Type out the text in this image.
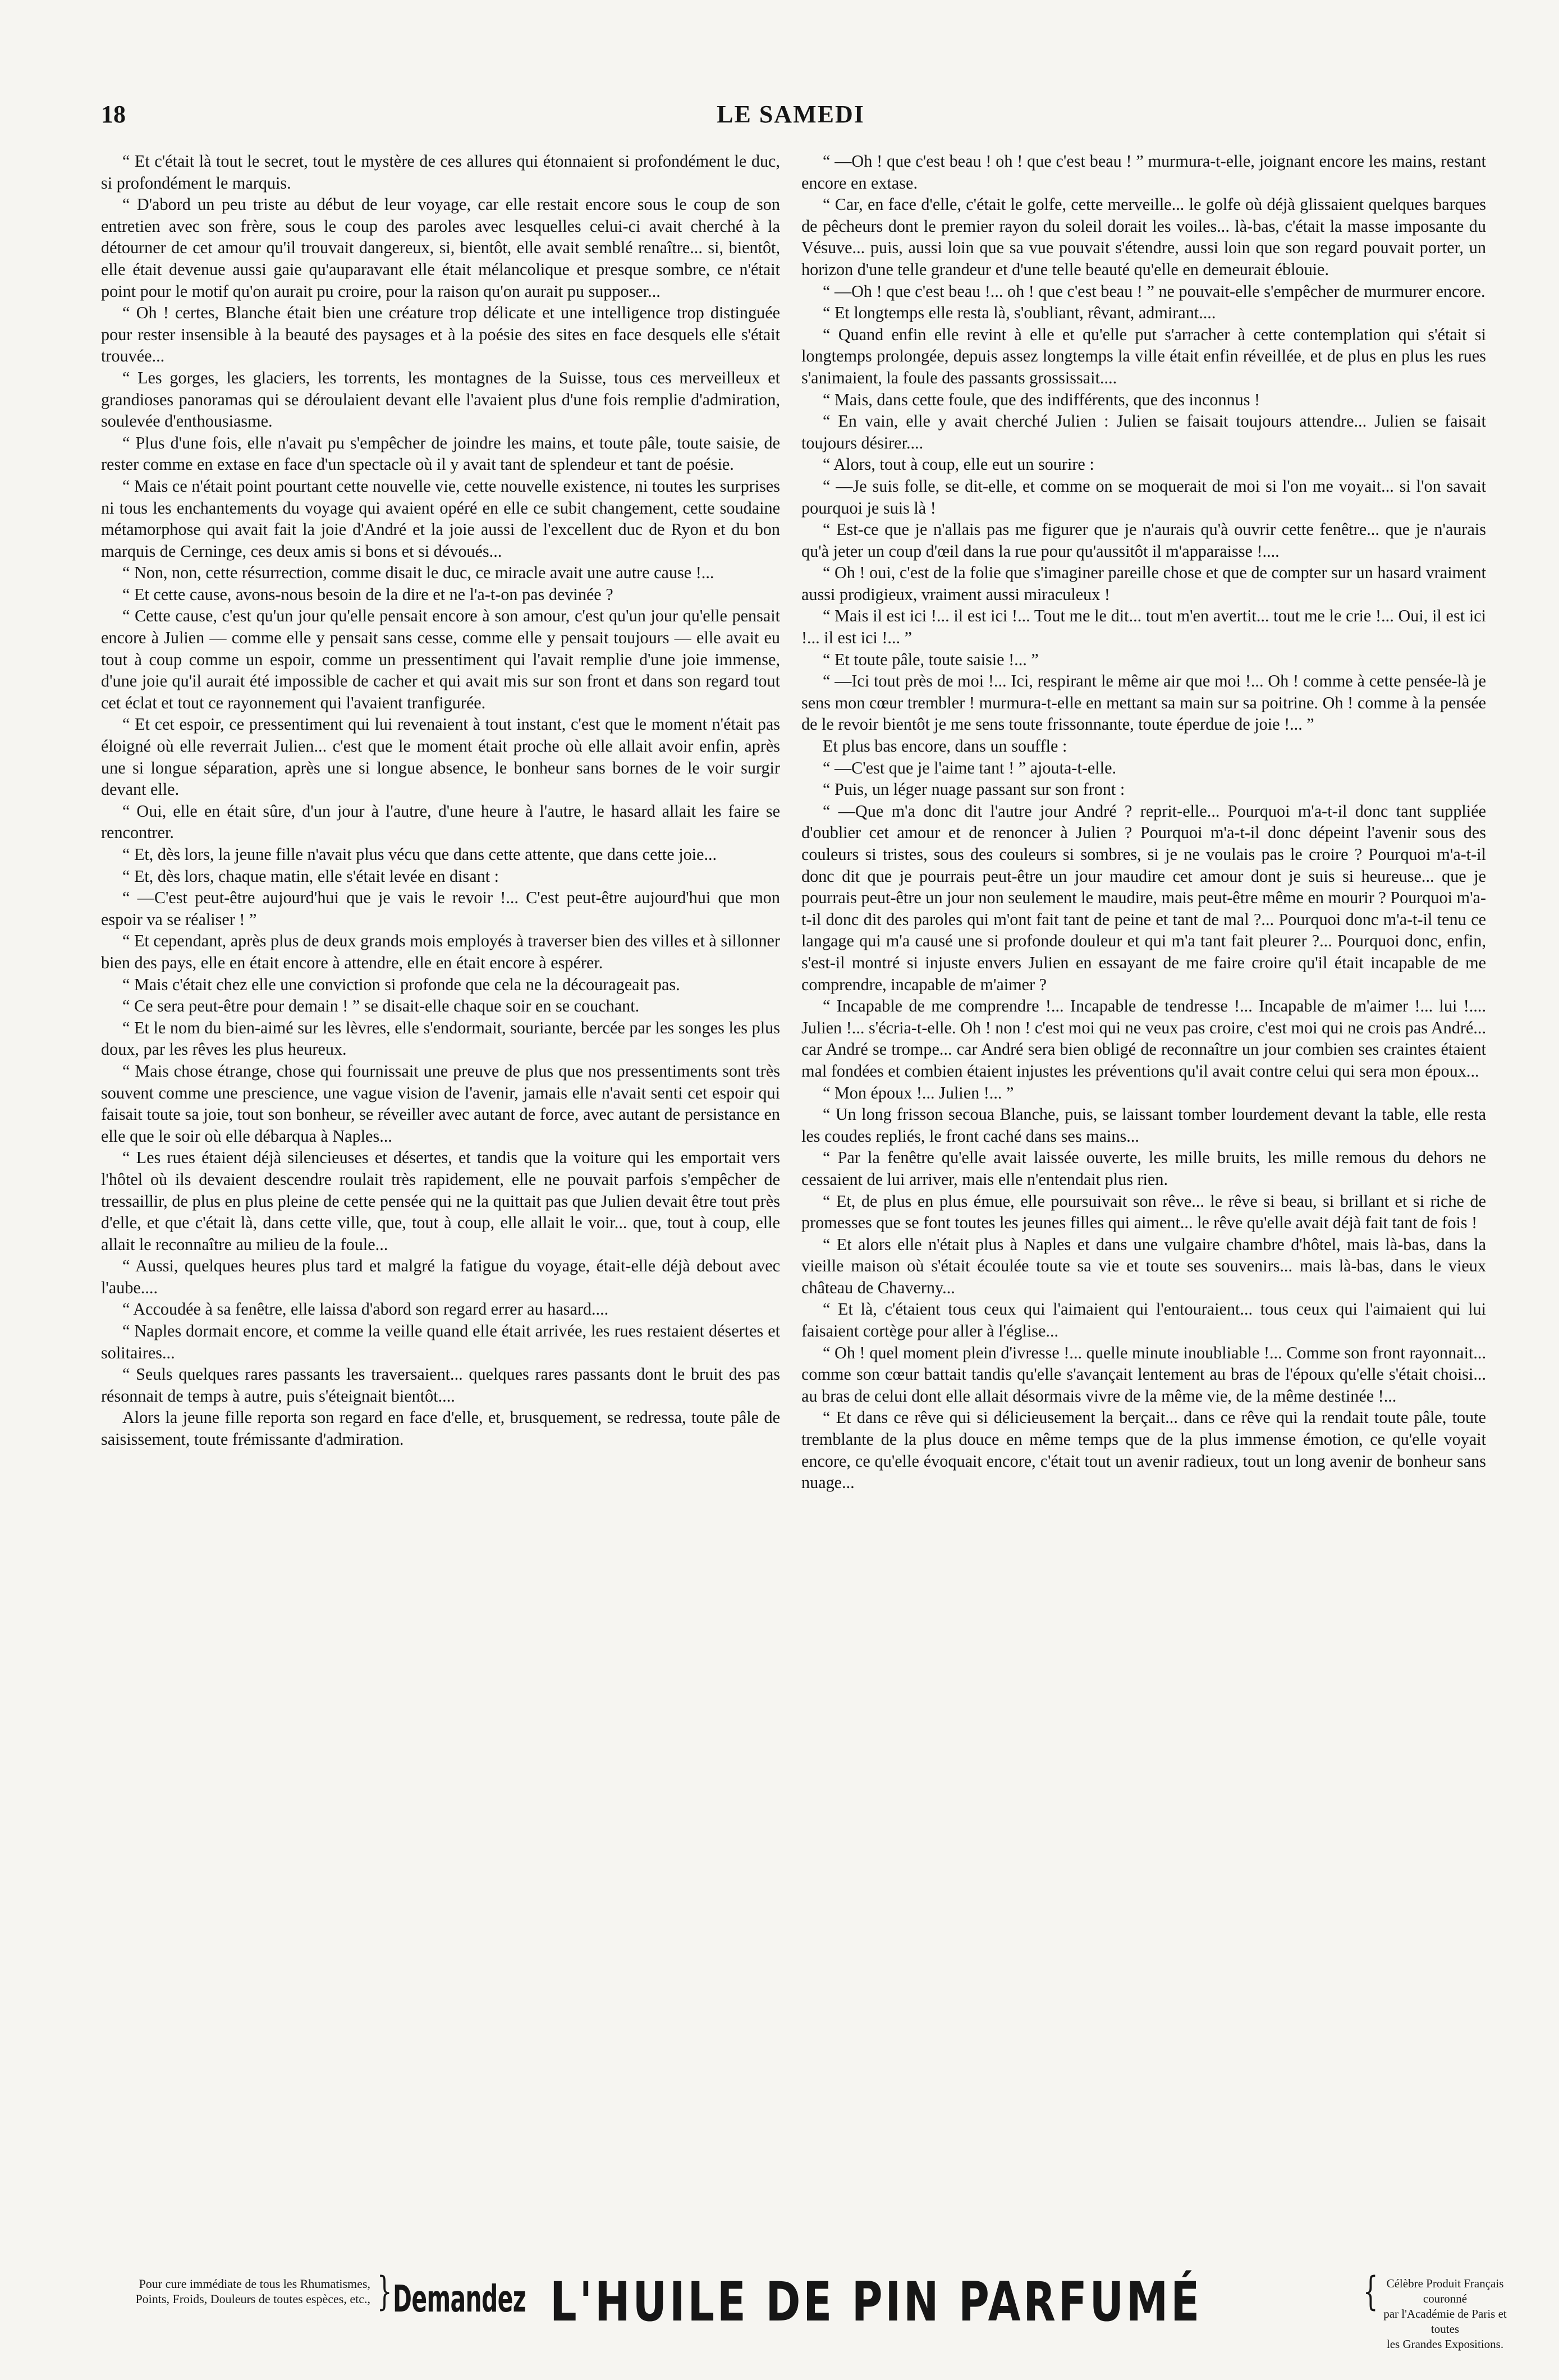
18	LE SAMEDI

“ Et c'était là tout le secret, tout le mystère de ces allures qui étonnaient si profondément le duc, si profondément le marquis.

“ D'abord un peu triste au début de leur voyage, car elle restait encore sous le coup de son entretien avec son frère, sous le coup des paroles avec lesquelles celui-ci avait cherché à la détourner de cet amour qu'il trouvait dangereux, si, bientôt, elle avait semblé renaître... si, bientôt, elle était devenue aussi gaie qu'auparavant elle était mélancolique et presque sombre, ce n'était point pour le motif qu'on aurait pu croire, pour la raison qu'on aurait pu supposer...

“ Oh ! certes, Blanche était bien une créature trop délicate et une intelligence trop distinguée pour rester insensible à la beauté des paysages et à la poésie des sites en face desquels elle s'était trouvée...

“ Les gorges, les glaciers, les torrents, les montagnes de la Suisse, tous ces merveilleux et grandioses panoramas qui se déroulaient devant elle l'avaient plus d'une fois remplie d'admiration, soulevée d'enthousiasme.

“ Plus d'une fois, elle n'avait pu s'empêcher de joindre les mains, et toute pâle, toute saisie, de rester comme en extase en face d'un spectacle où il y avait tant de splendeur et tant de poésie.

“ Mais ce n'était point pourtant cette nouvelle vie, cette nouvelle existence, ni toutes les surprises ni tous les enchantements du voyage qui avaient opéré en elle ce subit changement, cette soudaine métamorphose qui avait fait la joie d'André et la joie aussi de l'excellent duc de Ryon et du bon marquis de Cerninge, ces deux amis si bons et si dévoués...

“ Non, non, cette résurrection, comme disait le duc, ce miracle avait une autre cause !...

“ Et cette cause, avons-nous besoin de la dire et ne l'a-t-on pas devinée ?

“ Cette cause, c'est qu'un jour qu'elle pensait encore à son amour, c'est qu'un jour qu'elle pensait encore à Julien — comme elle y pensait sans cesse, comme elle y pensait toujours — elle avait eu tout à coup comme un espoir, comme un pressentiment qui l'avait remplie d'une joie immense, d'une joie qu'il aurait été impossible de cacher et qui avait mis sur son front et dans son regard tout cet éclat et tout ce rayonnement qui l'avaient tranfigurée.

“ Et cet espoir, ce pressentiment qui lui revenaient à tout instant, c'est que le moment n'était pas éloigné où elle reverrait Julien... c'est que le moment était proche où elle allait avoir enfin, après une si longue séparation, après une si longue absence, le bonheur sans bornes de le voir surgir devant elle.

“ Oui, elle en était sûre, d'un jour à l'autre, d'une heure à l'autre, le hasard allait les faire se rencontrer.

“ Et, dès lors, la jeune fille n'avait plus vécu que dans cette attente, que dans cette joie...

“ Et, dès lors, chaque matin, elle s'était levée en disant :

“ —C'est peut-être aujourd'hui que je vais le revoir !... C'est peut-être aujourd'hui que mon espoir va se réaliser ! ”

“ Et cependant, après plus de deux grands mois employés à traverser bien des villes et à sillonner bien des pays, elle en était encore à attendre, elle en était encore à espérer.

“ Mais c'était chez elle une conviction si profonde que cela ne la décourageait pas.

“ Ce sera peut-être pour demain ! ” se disait-elle chaque soir en se couchant.

“ Et le nom du bien-aimé sur les lèvres, elle s'endormait, souriante, bercée par les songes les plus doux, par les rêves les plus heureux.

“ Mais chose étrange, chose qui fournissait une preuve de plus que nos pressentiments sont très souvent comme une prescience, une vague vision de l'avenir, jamais elle n'avait senti cet espoir qui faisait toute sa joie, tout son bonheur, se réveiller avec autant de force, avec autant de persistance en elle que le soir où elle débarqua à Naples...

“ Les rues étaient déjà silencieuses et désertes, et tandis que la voiture qui les emportait vers l'hôtel où ils devaient descendre roulait très rapidement, elle ne pouvait parfois s'empêcher de tressaillir, de plus en plus pleine de cette pensée qui ne la quittait pas que Julien devait être tout près d'elle, et que c'était là, dans cette ville, que, tout à coup, elle allait le voir... que, tout à coup, elle allait le reconnaître au milieu de la foule...

“ Aussi, quelques heures plus tard et malgré la fatigue du voyage, était-elle déjà debout avec l'aube....

“ Accoudée à sa fenêtre, elle laissa d'abord son regard errer au hasard....

“ Naples dormait encore, et comme la veille quand elle était arrivée, les rues restaient désertes et solitaires...

“ Seuls quelques rares passants les traversaient... quelques rares passants dont le bruit des pas résonnait de temps à autre, puis s'éteignait bientôt....

Alors la jeune fille reporta son regard en face d'elle, et, brusquement, se redressa, toute pâle de saisissement, toute frémissante d'admiration.

“ —Oh ! que c'est beau ! oh ! que c'est beau ! ” murmura-t-elle, joignant encore les mains, restant encore en extase.

“ Car, en face d'elle, c'était le golfe, cette merveille... le golfe où déjà glissaient quelques barques de pêcheurs dont le premier rayon du soleil dorait les voiles... là-bas, c'était la masse imposante du Vésuve... puis, aussi loin que sa vue pouvait s'étendre, aussi loin que son regard pouvait porter, un horizon d'une telle grandeur et d'une telle beauté qu'elle en demeurait éblouie.

“ —Oh ! que c'est beau !... oh ! que c'est beau ! ” ne pouvait-elle s'empêcher de murmurer encore.

“ Et longtemps elle resta là, s'oubliant, rêvant, admirant....

“ Quand enfin elle revint à elle et qu'elle put s'arracher à cette contemplation qui s'était si longtemps prolongée, depuis assez longtemps la ville était enfin réveillée, et de plus en plus les rues s'animaient, la foule des passants grossissait....

“ Mais, dans cette foule, que des indifférents, que des inconnus !

“ En vain, elle y avait cherché Julien : Julien se faisait toujours attendre... Julien se faisait toujours désirer....

“ Alors, tout à coup, elle eut un sourire :

“ —Je suis folle, se dit-elle, et comme on se moquerait de moi si l'on me voyait... si l'on savait pourquoi je suis là !

“ Est-ce que je n'allais pas me figurer que je n'aurais qu'à ouvrir cette fenêtre... que je n'aurais qu'à jeter un coup d'œil dans la rue pour qu'aussitôt il m'apparaisse !....

“ Oh ! oui, c'est de la folie que s'imaginer pareille chose et que de compter sur un hasard vraiment aussi prodigieux, vraiment aussi miraculeux !

“ Mais il est ici !... il est ici !... Tout me le dit... tout m'en avertit... tout me le crie !... Oui, il est ici !... il est ici !... ”

“ Et toute pâle, toute saisie !... ”

“ —Ici tout près de moi !... Ici, respirant le même air que moi !... Oh ! comme à cette pensée-là je sens mon cœur trembler ! murmura-t-elle en mettant sa main sur sa poitrine. Oh ! comme à la pensée de le revoir bientôt je me sens toute frissonnante, toute éperdue de joie !... ”

Et plus bas encore, dans un souffle :

“ —C'est que je l'aime tant ! ” ajouta-t-elle.

“ Puis, un léger nuage passant sur son front :

“ —Que m'a donc dit l'autre jour André ? reprit-elle... Pourquoi m'a-t-il donc tant suppliée d'oublier cet amour et de renoncer à Julien ? Pourquoi m'a-t-il donc dépeint l'avenir sous des couleurs si tristes, sous des couleurs si sombres, si je ne voulais pas le croire ? Pourquoi m'a-t-il donc dit que je pourrais peut-être un jour maudire cet amour dont je suis si heureuse... que je pourrais peut-être un jour non seulement le maudire, mais peut-être même en mourir ? Pourquoi m'a-t-il donc dit des paroles qui m'ont fait tant de peine et tant de mal ?... Pourquoi donc m'a-t-il tenu ce langage qui m'a causé une si profonde douleur et qui m'a tant fait pleurer ?... Pourquoi donc, enfin, s'est-il montré si injuste envers Julien en essayant de me faire croire qu'il était incapable de me comprendre, incapable de m'aimer ?

“ Incapable de me comprendre !... Incapable de tendresse !... Incapable de m'aimer !... lui !.... Julien !... s'écria-t-elle. Oh ! non ! c'est moi qui ne veux pas croire, c'est moi qui ne crois pas André... car André se trompe... car André sera bien obligé de reconnaître un jour combien ses craintes étaient mal fondées et combien étaient injustes les préventions qu'il avait contre celui qui sera mon époux...

“ Mon époux !... Julien !... ”

“ Un long frisson secoua Blanche, puis, se laissant tomber lourdement devant la table, elle resta les coudes repliés, le front caché dans ses mains...

“ Par la fenêtre qu'elle avait laissée ouverte, les mille bruits, les mille remous du dehors ne cessaient de lui arriver, mais elle n'entendait plus rien.

“ Et, de plus en plus émue, elle poursuivait son rêve... le rêve si beau, si brillant et si riche de promesses que se font toutes les jeunes filles qui aiment... le rêve qu'elle avait déjà fait tant de fois !

“ Et alors elle n'était plus à Naples et dans une vulgaire chambre d'hôtel, mais là-bas, dans la vieille maison où s'était écoulée toute sa vie et toute ses souvenirs... mais là-bas, dans le vieux château de Chaverny...

“ Et là, c'étaient tous ceux qui l'aimaient qui l'entouraient... tous ceux qui l'aimaient qui lui faisaient cortège pour aller à l'église...

“ Oh ! quel moment plein d'ivresse !... quelle minute inoubliable !... Comme son front rayonnait... comme son cœur battait tandis qu'elle s'avançait lentement au bras de l'époux qu'elle s'était choisi... au bras de celui dont elle allait désormais vivre de la même vie, de la même destinée !...

“ Et dans ce rêve qui si délicieusement la berçait... dans ce rêve qui la rendait toute pâle, toute tremblante de la plus douce en même temps que de la plus immense émotion, ce qu'elle voyait encore, ce qu'elle évoquait encore, c'était tout un avenir radieux, tout un long avenir de bonheur sans nuage...

Pour cure immédiate de tous les Rhumatismes,
Points, Froids, Douleurs de toutes espèces, etc., } Demandez L'HUILE DE PIN PARFUMÉ	{ Célèbre Produit Français couronné
par l'Académie de Paris et toutes
les Grandes Expositions.
